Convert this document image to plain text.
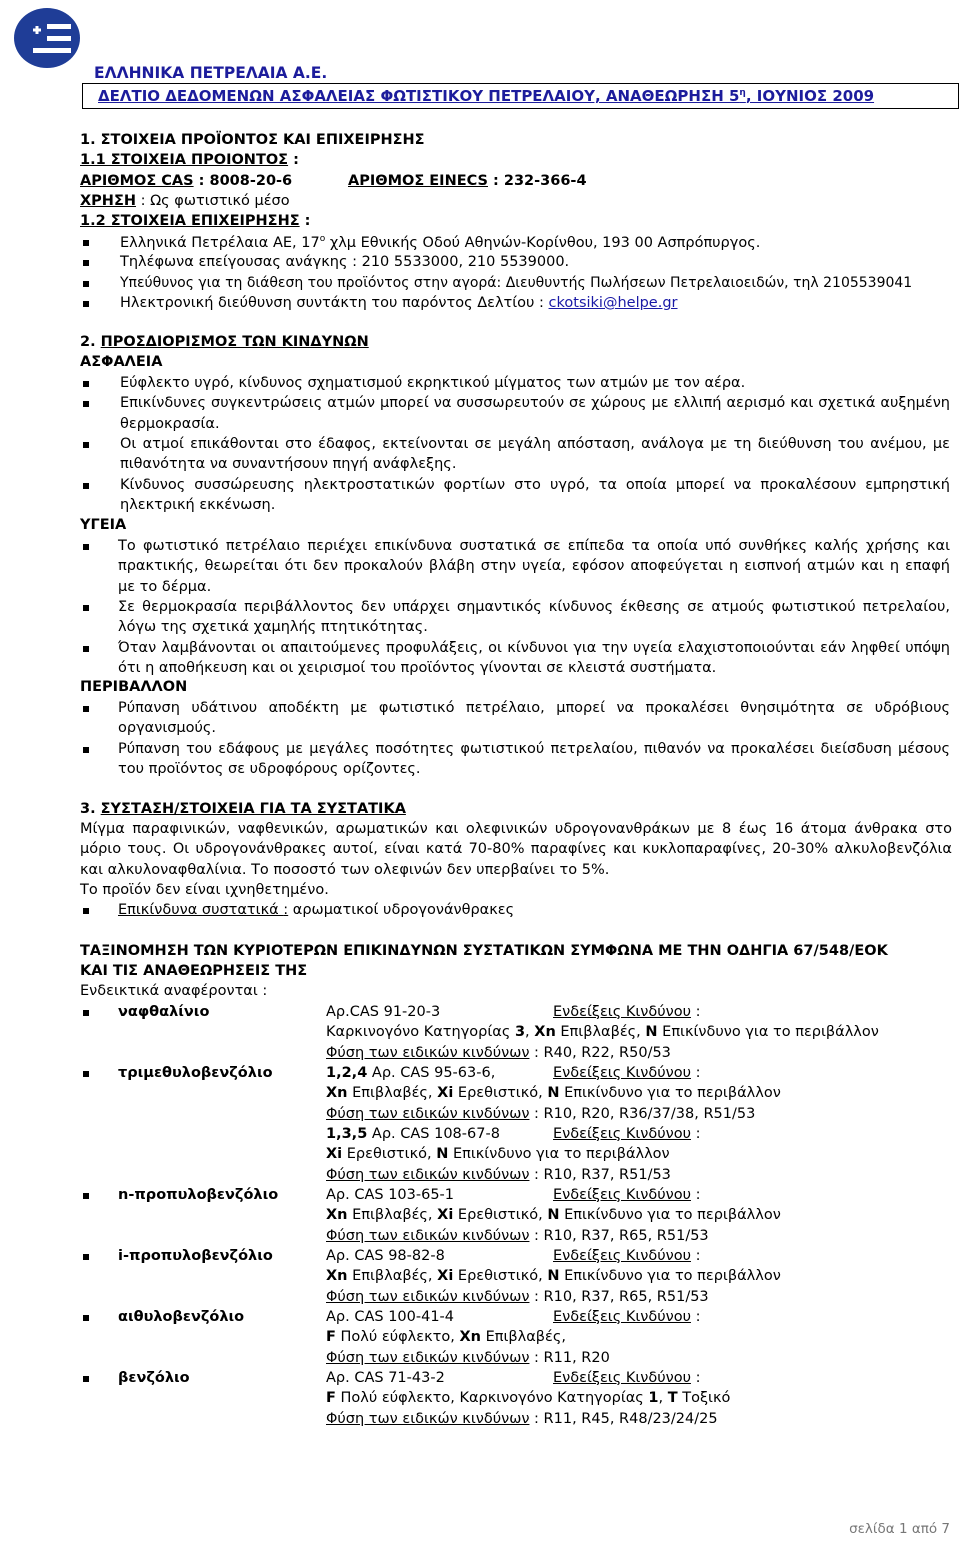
ΕΛΛΗΝΙΚΑ ΠΕΤΡΕΛΑΙΑ Α.Ε.
ΔΕΛΤΙΟ ΔΕΔΟΜΕΝΩΝ ΑΣΦΑΛΕΙΑΣ ΦΩΤΙΣΤΙΚΟΥ ΠΕΤΡΕΛΑΙΟΥ, ΑΝΑΘΕΩΡΗΣΗ $5^\eta$, ΙΟΥΝΙΟΣ 2009
1. ΣΤΟΙΧΕΙΑ ΠΡΟΪΟΝΤΟΣ ΚΑΙ ΕΠΙΧΕΙΡΗΣΗΣ
1.1 ΣΤΟΙΧΕΙΑ ΠΡΟΙΟΝΤΟΣ :
ΑΡΙΘΜΟΣ CAS : 8008-20-6	ΑΡΙΘΜΟΣ EINECS : 232-366-4
ΧΡΗΣΗ : Ως φωτιστικό μέσο
1.2 ΣΤΟΙΧΕΙΑ ΕΠΙΧΕΙΡΗΣΗΣ :
Ελληνικά Πετρέλαια ΑΕ, $17^o$ χλμ Εθνικής Οδού Αθηνών-Κορίνθου, 193 00 Ασπρόπυργος.
Τηλέφωνα επείγουσας ανάγκης : 210 5533000, 210 5539000.
Υπεύθυνος για τη διάθεση του προϊόντος στην αγορά: Διευθυντής Πωλήσεων Πετρελαιοειδών, τηλ 2105539041
Ηλεκτρονική διεύθυνση συντάκτη του παρόντος Δελτίου : ckotsiki@helpe.gr
2. ΠΡΟΣΔΙΟΡΙΣΜΟΣ ΤΩΝ ΚΙΝΔΥΝΩΝ
ΑΣΦΑΛΕΙΑ
Εύφλεκτο υγρό, κίνδυνος σχηματισμού εκρηκτικού μίγματος των ατμών με τον αέρα.
Επικίνδυνες συγκεντρώσεις ατμών μπορεί να συσσωρευτούν σε χώρους με ελλιπή αερισμό και σχετικά αυξημένη
θερμοκρασία.
Οι ατμοί επικάθονται στο έδαφος, εκτείνονται σε μεγάλη απόσταση, ανάλογα με τη διεύθυνση του ανέμου, με
πιθανότητα να συναντήσουν πηγή ανάφλεξης.
Κίνδυνος συσσώρευσης ηλεκτροστατικών φορτίων στο υγρό, τα οποία μπορεί να προκαλέσουν εμπρηστική
ηλεκτρική εκκένωση.
ΥΓΕΙΑ
Το φωτιστικό πετρέλαιο περιέχει επικίνδυνα συστατικά σε επίπεδα τα οποία υπό συνθήκες καλής χρήσης και
πρακτικής, θεωρείται ότι δεν προκαλούν βλάβη στην υγεία, εφόσον αποφεύγεται η εισπνοή ατμών και η επαφή
με το δέρμα.
Σε θερμοκρασία περιβάλλοντος δεν υπάρχει σημαντικός κίνδυνος έκθεσης σε ατμούς φωτιστικού πετρελαίου,
λόγω της σχετικά χαμηλής πτητικότητας.
Όταν λαμβάνονται οι απαιτούμενες προφυλάξεις, οι κίνδυνοι για την υγεία ελαχιστοποιούνται εάν ληφθεί υπόψη
ότι η αποθήκευση και οι χειρισμοί του προϊόντος γίνονται σε κλειστά συστήματα.
ΠΕΡΙΒΑΛΛΟΝ
Ρύπανση υδάτινου αποδέκτη με φωτιστικό πετρέλαιο, μπορεί να προκαλέσει θνησιμότητα σε υδρόβιους
οργανισμούς.
Ρύπανση του εδάφους με μεγάλες ποσότητες φωτιστικού πετρελαίου, πιθανόν να προκαλέσει διείσδυση μέσους
του προϊόντος σε υδροφόρους ορίζοντες.
3. ΣΥΣΤΑΣΗ/ΣΤΟΙΧΕΙΑ ΓΙΑ ΤΑ ΣΥΣΤΑΤΙΚΑ
Μίγμα παραφινικών, ναφθενικών, αρωματικών και ολεφινικών υδρογονανθράκων με 8 έως 16 άτομα άνθρακα στο
μόριο τους. Οι υδρογονάνθρακες αυτοί, είναι κατά 70-80% παραφίνες και κυκλοπαραφίνες, 20-30% αλκυλοβενζόλια
και αλκυλοναφθαλίνια. Το ποσοστό των ολεφινών δεν υπερβαίνει το 5%.
Το προϊόν δεν είναι ιχνηθετημένο.
Επικίνδυνα συστατικά : αρωματικοί υδρογονάνθρακες
ΤΑΞΙΝΟΜΗΣΗ ΤΩΝ ΚΥΡΙΟΤΕΡΩΝ ΕΠΙΚΙΝΔΥΝΩΝ ΣΥΣΤΑΤΙΚΩΝ ΣΥΜΦΩΝΑ ΜΕ ΤΗΝ ΟΔΗΓΙΑ 67/548/ΕΟΚ
ΚΑΙ ΤΙΣ ΑΝΑΘΕΩΡΗΣΕΙΣ ΤΗΣ
Ενδεικτικά αναφέρονται :
ναφθαλίνιο	Αρ.CAS 91-20-3	Ενδείξεις Κινδύνου :
Καρκινογόνο Κατηγορίας 3, Xn Επιβλαβές, N Επικίνδυνο για το περιβάλλον
Φύση των ειδικών κινδύνων : R40, R22, R50/53
τριμεθυλοβενζόλιο	1,2,4 Αρ. CAS 95-63-6,	Ενδείξεις Κινδύνου :
Xn Επιβλαβές, Xi Ερεθιστικό, N Επικίνδυνο για το περιβάλλον
Φύση των ειδικών κινδύνων : R10, R20, R36/37/38, R51/53
1,3,5 Αρ. CAS 108-67-8	Ενδείξεις Κινδύνου :
Xi Ερεθιστικό, N Επικίνδυνο για το περιβάλλον
Φύση των ειδικών κινδύνων : R10, R37, R51/53
n-προπυλοβενζόλιο	Αρ. CAS 103-65-1	Ενδείξεις Κινδύνου :
Xn Επιβλαβές, Xi Ερεθιστικό, N Επικίνδυνο για το περιβάλλον
Φύση των ειδικών κινδύνων : R10, R37, R65, R51/53
i-προπυλοβενζόλιο	Αρ. CAS 98-82-8	Ενδείξεις Κινδύνου :
Xn Επιβλαβές, Xi Ερεθιστικό, N Επικίνδυνο για το περιβάλλον
Φύση των ειδικών κινδύνων : R10, R37, R65, R51/53
αιθυλοβενζόλιο	Αρ. CAS 100-41-4	Ενδείξεις Κινδύνου :
F Πολύ εύφλεκτο, Xn Επιβλαβές,
Φύση των ειδικών κινδύνων : R11, R20
βενζόλιο	Αρ. CAS 71-43-2	Ενδείξεις Κινδύνου :
F Πολύ εύφλεκτο, Καρκινογόνο Κατηγορίας 1, T Τοξικό
Φύση των ειδικών κινδύνων : R11, R45, R48/23/24/25
σελίδα 1 από 7
